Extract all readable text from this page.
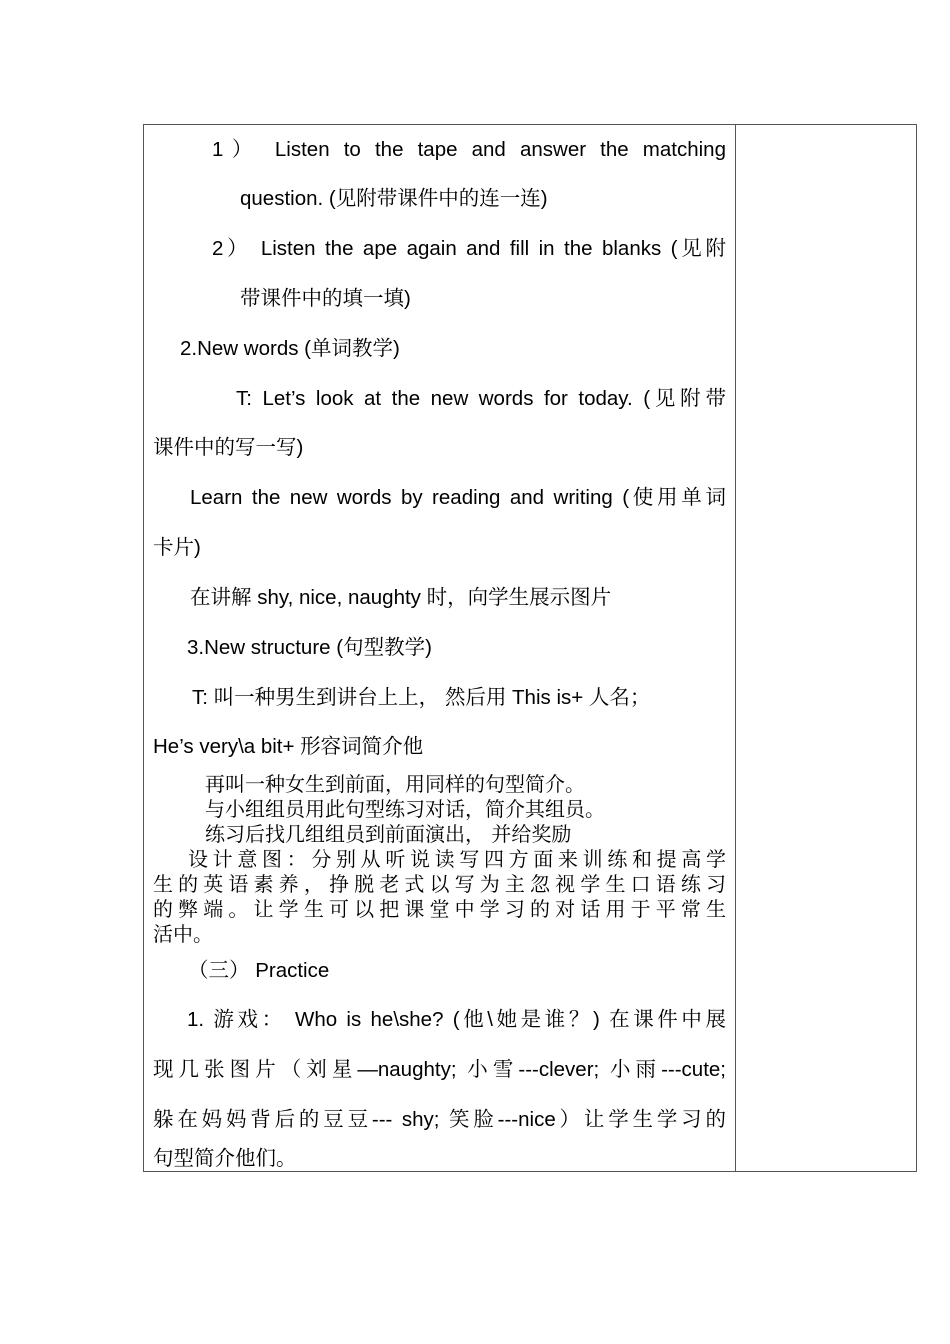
1） Listen to the tape and answer the matching
question. (见附带课件中的连一连)
2） Listen the ape again and fill in the blanks (见附
带课件中的填一填)
2.New words (单词教学)
T: Let’s look at the new words for today. (见附带
课件中的写一写)
Learn the new words by reading and writing (使用单词
卡片)
在讲解 shy, nice, naughty 时，向学生展示图片
3.New structure (句型教学)
T: 叫一种男生到讲台上上， 然后用 This is+ 人名；
He’s very\a bit+ 形容词简介他
再叫一种女生到前面，用同样的句型简介。
与小组组员用此句型练习对话，简介其组员。
练习后找几组组员到前面演出， 并给奖励
设计意图：分别从听说读写四方面来训练和提高学
生的英语素养，挣脱老式以写为主忽视学生口语练习
的弊端。让学生可以把课堂中学习的对话用于平常生
活中。
（三） Practice
1. 游戏： Who is he\she? (他\她是谁？) 在课件中展
现几张图片（刘星—naughty; 小雪---clever; 小雨---cute;
躲在妈妈背后的豆豆--- shy; 笑脸---nice）让学生学习的
句型简介他们。
